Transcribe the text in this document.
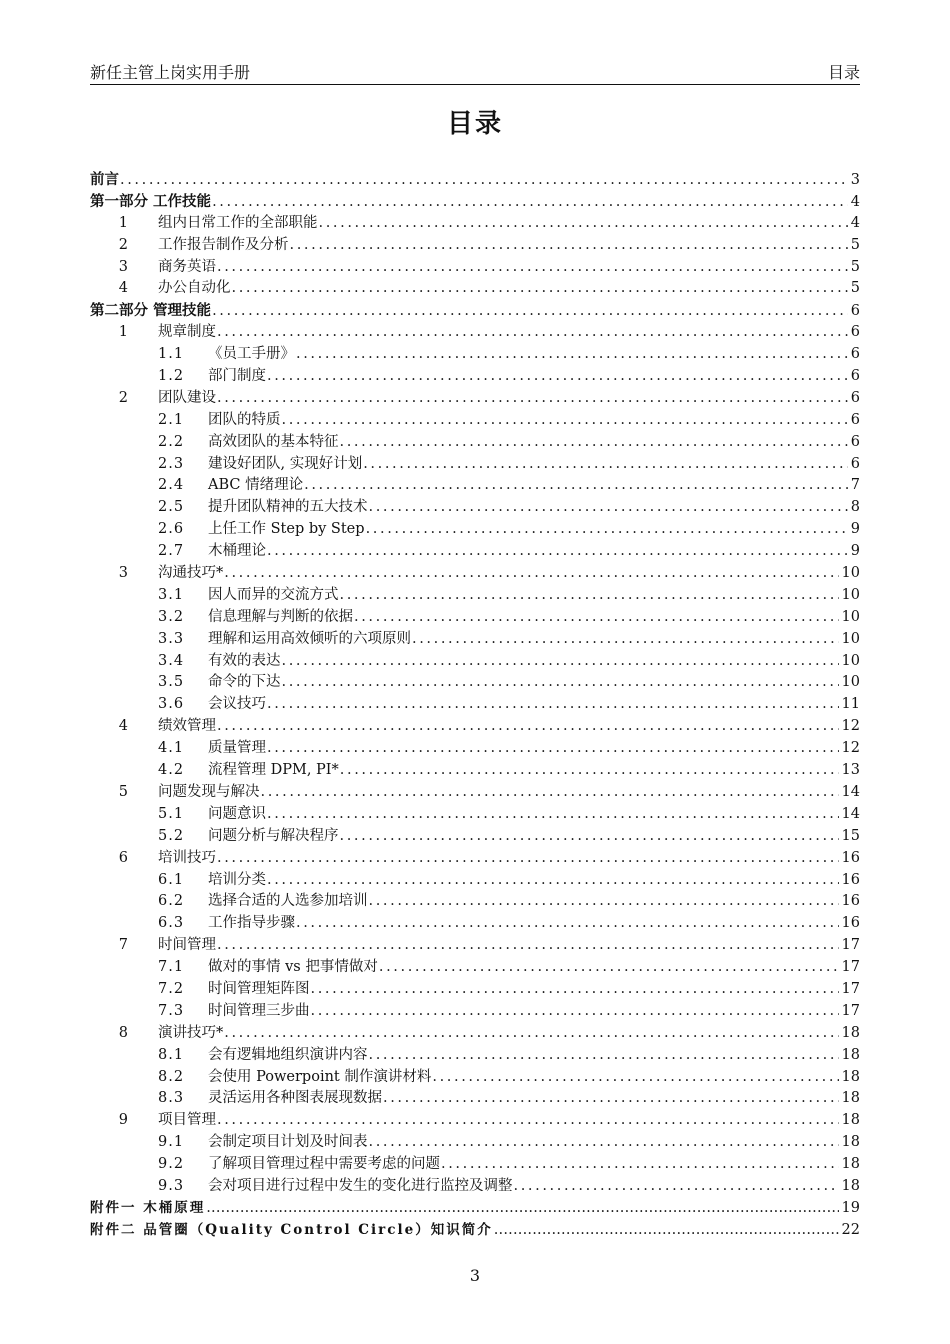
新任主管上岗实用手册	目录
目录
前言 .....	3
第一部分 工作技能 .....	4
1	组内日常工作的全部职能 .....	4
2	工作报告制作及分析 .....	5
3	商务英语 .....	5
4	办公自动化 .....	5
第二部分 管理技能 .....	6
1	规章制度 .....	6
1.1	《员工手册》 .....	6
1.2	部门制度 .....	6
2	团队建设 .....	6
2.1	团队的特质 .....	6
2.2	高效团队的基本特征 .....	6
2.3	建设好团队, 实现好计划 .....	6
2.4	ABC 情绪理论 .....	7
2.5	提升团队精神的五大技术 .....	8
2.6	上任工作 Step by Step .....	9
2.7	木桶理论 .....	9
3	沟通技巧* .....	10
3.1	因人而异的交流方式 .....	10
3.2	信息理解与判断的依据 .....	10
3.3	理解和运用高效倾听的六项原则 .....	10
3.4	有效的表达 .....	10
3.5	命令的下达 .....	10
3.6	会议技巧 .....	11
4	绩效管理 .....	12
4.1	质量管理 .....	12
4.2	流程管理 DPM, PI* .....	13
5	问题发现与解决 .....	14
5.1	问题意识 .....	14
5.2	问题分析与解决程序 .....	15
6	培训技巧 .....	16
6.1	培训分类 .....	16
6.2	选择合适的人选参加培训 .....	16
6.3	工作指导步骤 .....	16
7	时间管理 .....	17
7.1	做对的事情 vs 把事情做对 .....	17
7.2	时间管理矩阵图 .....	17
7.3	时间管理三步曲 .....	17
8	演讲技巧* .....	18
8.1	会有逻辑地组织演讲内容 .....	18
8.2	会使用 Powerpoint 制作演讲材料 .....	18
8.3	灵活运用各种图表展现数据 .....	18
9	项目管理 .....	18
9.1	会制定项目计划及时间表 .....	18
9.2	了解项目管理过程中需要考虑的问题 .....	18
9.3	会对项目进行过程中发生的变化进行监控及调整 .....	18
附件一 木桶原理 .....	19
附件二 品管圈（Quality Control Circle）知识简介 .....	22
3
